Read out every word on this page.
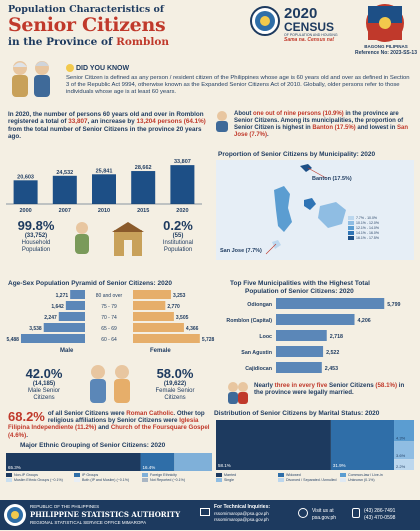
Population Characteristics of
Senior Citizens
in the Province of Romblon
2020
CENSUS
OF POPULATION AND HOUSING
Sama na. Census na!
BAGONG PILIPINAS
Reference No: 2023-SS-13
DID YOU KNOW
Senior Citizen is defined as any person / resident citizen of the Philippines whose age is 60 years old and over as defined in Section 3 of the Republic Act 9994, otherwise known as the Expanded Senior Citizens Act of 2010. Globally, older persons refer to those individuals whose age is at least 60 years.
In 2020, the number of persons 60 years old and over in Romblon registered a total of 33,807, an increase by 13,204 persons (64.1%) from the total number of Senior Citizens in the province 20 years ago.
20,603
2000
24,532
2007
25,841
2010
28,662
2015
33,807
2020
About one out of nine persons (10.9%) in the province are Senior Citizens. Among its municipalities, the proportion of Senior Citizen is highest in Banton (17.5%) and lowest in San Jose (7.7%).
Proportion of Senior Citizens by Municipality: 2020
Banton (17.5%)
San Jose (7.7%)
7.7% - 10.0%
10.1% - 12.0%
12.1% - 14.0%
14.1% - 16.0%
16.1% - 17.5%
99.8%
(33,752)
Household
Population
0.2%
(55)
Institutional
Population
Age-Sex Population Pyramid of Senior Citizens: 2020
1,271	3,253
80 and over
1,642	2,770
75 - 79
2,247	3,505
70 - 74
3,538	4,366
65 - 69
5,488	5,728
60 - 64
Male	Female
42.0%
(14,185)
Male Senior
Citizens
58.0%
(19,622)
Female Senior
Citizens
Top Five Municipalities with the Highest Total
Population of Senior Citizens: 2020
Odiongan	5,799
Romblon (Capital)	4,206
Looc	2,718
San Agustin	2,522
Cajidiocan	2,453
Nearly three in every five Senior Citizens (58.1%) in the province were legally married.
68.2% of all Senior Citizens were Roman Catholic. Other top religious affiliations by Senior Citizens were Iglesia Filipina Independiente (11.2%) and Church of the Foursquare Gospel (4.6%).
Major Ethnic Grouping of Senior Citizens: 2020
65.3%	16.4%
Non-IP Groups	IP Groups	Foreign Ethnicity
Muslim Ethnic Groups (~0.1%)	Both (IP and Muslim) (~0.1%)	Not Reported (~0.1%)
Distribution of Senior Citizens by Marital Status: 2020
58.1%	31.9%
4.3%
3.6%
2.2%
Married	Widowed	Common-law / Live-in
Single	Divorced / Separated / Annulled	Unknown (0.1%)
REPUBLIC OF THE PHILIPPINES
PHILIPPINE STATISTICS AUTHORITY
REGIONAL STATISTICAL SERVICE OFFICE MIMAROPA
For Technical Inquiries:
rssomimaropa@psa.gov.ph
rssomimaropa@psa.gov.ph
Visit us at
psa.gov.ph
(43) 286-7491
(43) 470-0598
